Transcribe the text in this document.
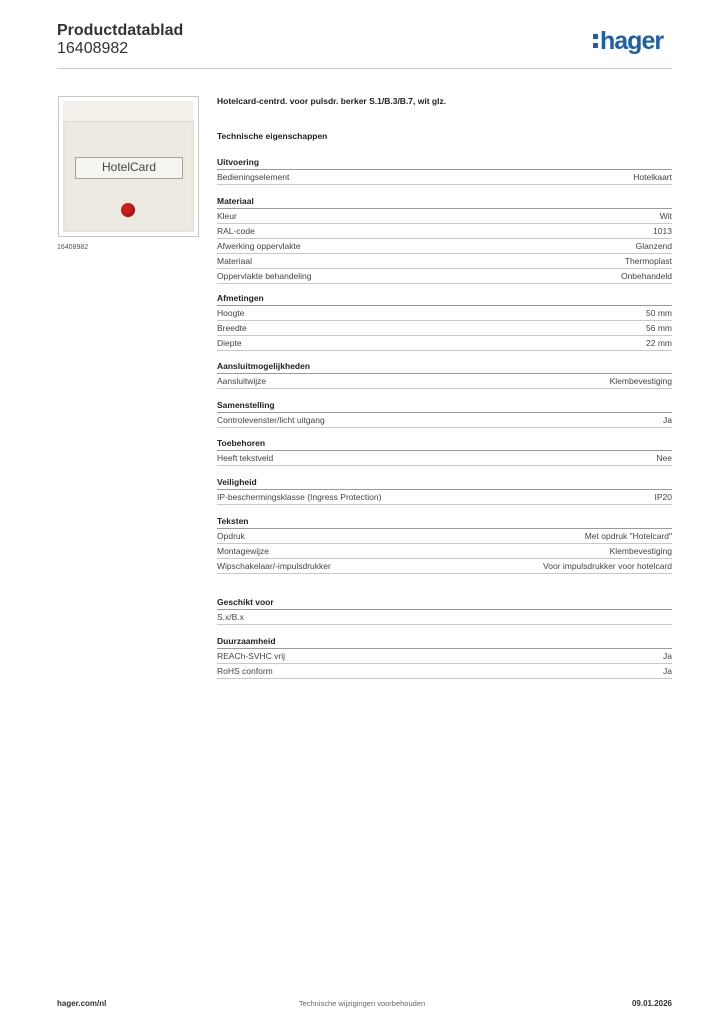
Productdatablad
16408982	hager
HotelCard
16408982
Hotelcard-centrd. voor pulsdr. berker S.1/B.3/B.7, wit glz.
Technische eigenschappen
Uitvoering
Bedieningselement	Hotelkaart
Materiaal
Kleur	Wit
RAL-code	1013
Afwerking oppervlakte	Glanzend
Materiaal	Thermoplast
Oppervlakte behandeling	Onbehandeld
Afmetingen
Hoogte	50 mm
Breedte	56 mm
Diepte	22 mm
Aansluitmogelijkheden
Aansluitwijze	Klembevestiging
Samenstelling
Controlevenster/licht uitgang	Ja
Toebehoren
Heeft tekstveld	Nee
Veiligheid
IP-beschermingsklasse (Ingress Protection)	IP20
Teksten
Opdruk	Met opdruk "Hotelcard"
Montagewijze	Klembevestiging
Wipschakelaar/-impulsdrukker	Voor impulsdrukker voor hotelcard
Geschikt voor
S.x/B.x
Duurzaamheid
REACh-SVHC vrij	Ja
RoHS conform	Ja
hager.com/nl	Technische wijzigingen voorbehouden	09.01.2026
